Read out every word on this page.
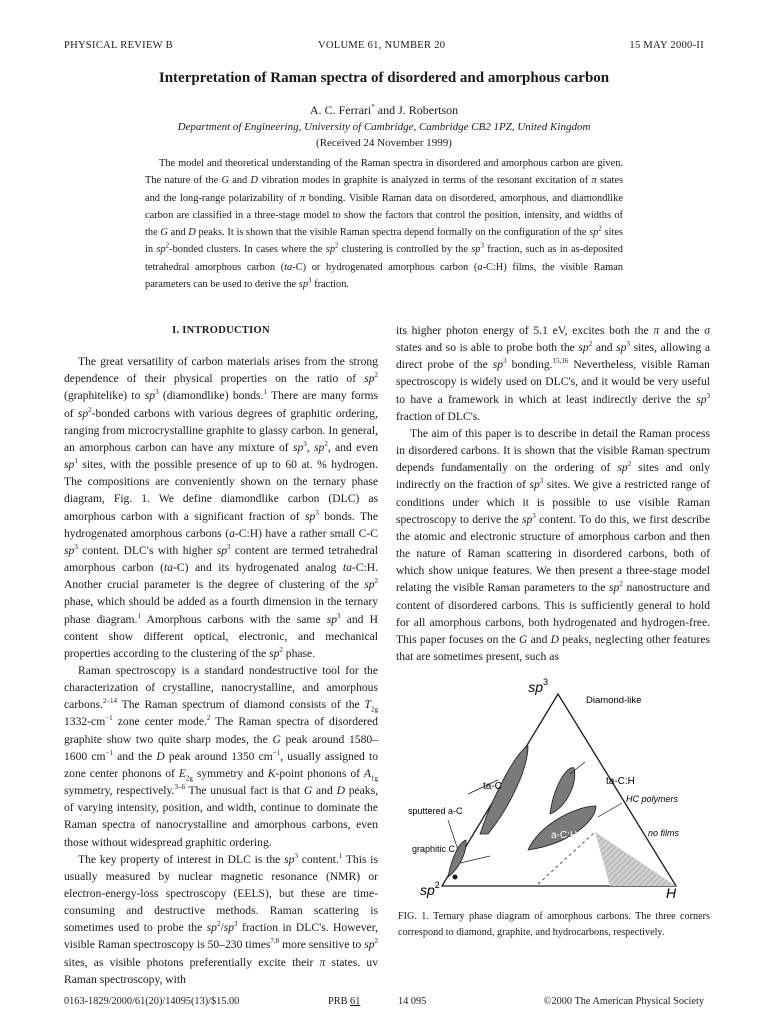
PHYSICAL REVIEW B	VOLUME 61, NUMBER 20	15 MAY 2000-II
Interpretation of Raman spectra of disordered and amorphous carbon
A. C. Ferrari* and J. Robertson
Department of Engineering, University of Cambridge, Cambridge CB2 1PZ, United Kingdom
(Received 24 November 1999)
The model and theoretical understanding of the Raman spectra in disordered and amorphous carbon are given. The nature of the G and D vibration modes in graphite is analyzed in terms of the resonant excitation of π states and the long-range polarizability of π bonding. Visible Raman data on disordered, amorphous, and diamondlike carbon are classified in a three-stage model to show the factors that control the position, intensity, and widths of the G and D peaks. It is shown that the visible Raman spectra depend formally on the configuration of the $sp^2$ sites in $sp^2$-bonded clusters. In cases where the $sp^2$ clustering is controlled by the $sp^3$ fraction, such as in as-deposited tetrahedral amorphous carbon (ta-C) or hydrogenated amorphous carbon (a-C:H) films, the visible Raman parameters can be used to derive the $sp^3$ fraction.
I. INTRODUCTION

The great versatility of carbon materials arises from the strong dependence of their physical properties on the ratio of $sp^2$ (graphitelike) to $sp^3$ (diamondlike) bonds.$^1$ There are many forms of $sp^2$-bonded carbons with various degrees of graphitic ordering, ranging from microcrystalline graphite to glassy carbon. In general, an amorphous carbon can have any mixture of $sp^3$, $sp^2$, and even $sp^1$ sites, with the possible presence of up to 60 at. % hydrogen. The compositions are conveniently shown on the ternary phase diagram, Fig. 1. We define diamondlike carbon (DLC) as amorphous carbon with a significant fraction of $sp^3$ bonds. The hydrogenated amorphous carbons (a-C:H) have a rather small C-C $sp^3$ content. DLC's with higher $sp^3$ content are termed tetrahedral amorphous carbon (ta-C) and its hydrogenated analog ta-C:H. Another crucial parameter is the degree of clustering of the $sp^2$ phase, which should be added as a fourth dimension in the ternary phase diagram.$^1$ Amorphous carbons with the same $sp^3$ and H content show different optical, electronic, and mechanical properties according to the clustering of the $sp^2$ phase.

Raman spectroscopy is a standard nondestructive tool for the characterization of crystalline, nanocrystalline, and amorphous carbons.$^{2-14}$ The Raman spectrum of diamond consists of the $T_{2g}$ $1332-cm^{-1}$ zone center mode.$^2$ The Raman spectra of disordered graphite show two quite sharp modes, the G peak around 1580–1600 $cm^{-1}$ and the D peak around 1350 $cm^{-1}$, usually assigned to zone center phonons of $E_{2g}$ symmetry and K-point phonons of $A_{1g}$ symmetry, respectively.$^{3-6}$ The unusual fact is that G and D peaks, of varying intensity, position, and width, continue to dominate the Raman spectra of nanocrystalline and amorphous carbons, even those without widespread graphitic ordering.

The key property of interest in DLC is the $sp^3$ content.$^1$ This is usually measured by nuclear magnetic resonance (NMR) or electron-energy-loss spectroscopy (EELS), but these are time-consuming and destructive methods. Raman scattering is sometimes used to probe the $sp^2/sp^3$ fraction in DLC's. However, visible Raman spectroscopy is 50–230 times$^{7,8}$ more sensitive to $sp^2$ sites, as visible photons preferentially excite their π states. uv Raman spectroscopy, with

its higher photon energy of 5.1 eV, excites both the π and the σ states and so is able to probe both the $sp^2$ and $sp^3$ sites, allowing a direct probe of the $sp^3$ bonding.$^{15,16}$ Nevertheless, visible Raman spectroscopy is widely used on DLC's, and it would be very useful to have a framework in which at least indirectly derive the $sp^3$ fraction of DLC's.

The aim of this paper is to describe in detail the Raman process in disordered carbons. It is shown that the visible Raman spectrum depends fundamentally on the ordering of $sp^2$ sites and only indirectly on the fraction of $sp^3$ sites. We give a restricted range of conditions under which it is possible to use visible Raman spectroscopy to derive the $sp^3$ content. To do this, we first describe the atomic and electronic structure of amorphous carbon and then the nature of Raman scattering in disordered carbons, both of which show unique features. We then present a three-stage model relating the visible Raman parameters to the $sp^2$ nanostructure and content of disordered carbons. This is sufficiently general to hold for all amorphous carbons, both hydrogenated and hydrogen-free. This paper focuses on the G and D peaks, neglecting other features that are sometimes present, such as

$sp^3$
Diamond-like
ta-C	ta-C:H
HC polymers
sputtered a-C
a-C:H	no films
graphitic C
$sp^2$	H
FIG. 1. Ternary phase diagram of amorphous carbons. The three corners correspond to diamond, graphite, and hydrocarbons, respectively.
0163-1829/2000/61(20)/14095(13)/$15.00	PRB 61	14 095	©2000 The American Physical Society
